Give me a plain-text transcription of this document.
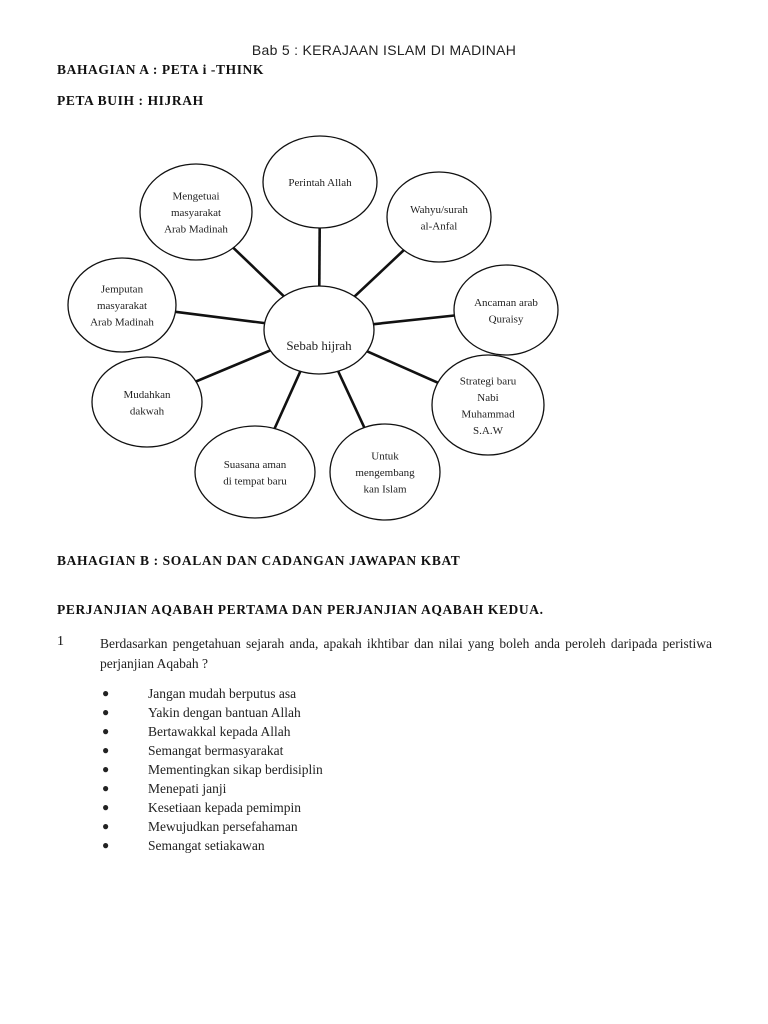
Bab 5 : KERAJAAN ISLAM DI MADINAH
BAHAGIAN A : PETA i -THINK
PETA BUIH : HIJRAH
Perintah Allah
Wahyu/surah
al-Anfal
Ancaman arab
Quraisy
Strategi baru
Nabi
Muhammad
S.A.W
Untuk
mengembang
kan Islam
Suasana aman
di tempat baru
Mudahkan
dakwah
Jemputan
masyarakat
Arab Madinah
Mengetuai
masyarakat
Arab Madinah
Sebab hijrah
BAHAGIAN B : SOALAN DAN CADANGAN JAWAPAN KBAT
PERJANJIAN AQABAH PERTAMA DAN PERJANJIAN AQABAH KEDUA.
1	Berdasarkan pengetahuan sejarah anda, apakah ikhtibar dan nilai yang boleh anda peroleh daripada peristiwa perjanjian Aqabah ?
●	Jangan mudah berputus asa
●	Yakin dengan bantuan Allah
●	Bertawakkal kepada Allah
●	Semangat bermasyarakat
●	Mementingkan sikap berdisiplin
●	Menepati janji
●	Kesetiaan kepada pemimpin
●	Mewujudkan persefahaman
●	Semangat setiakawan
